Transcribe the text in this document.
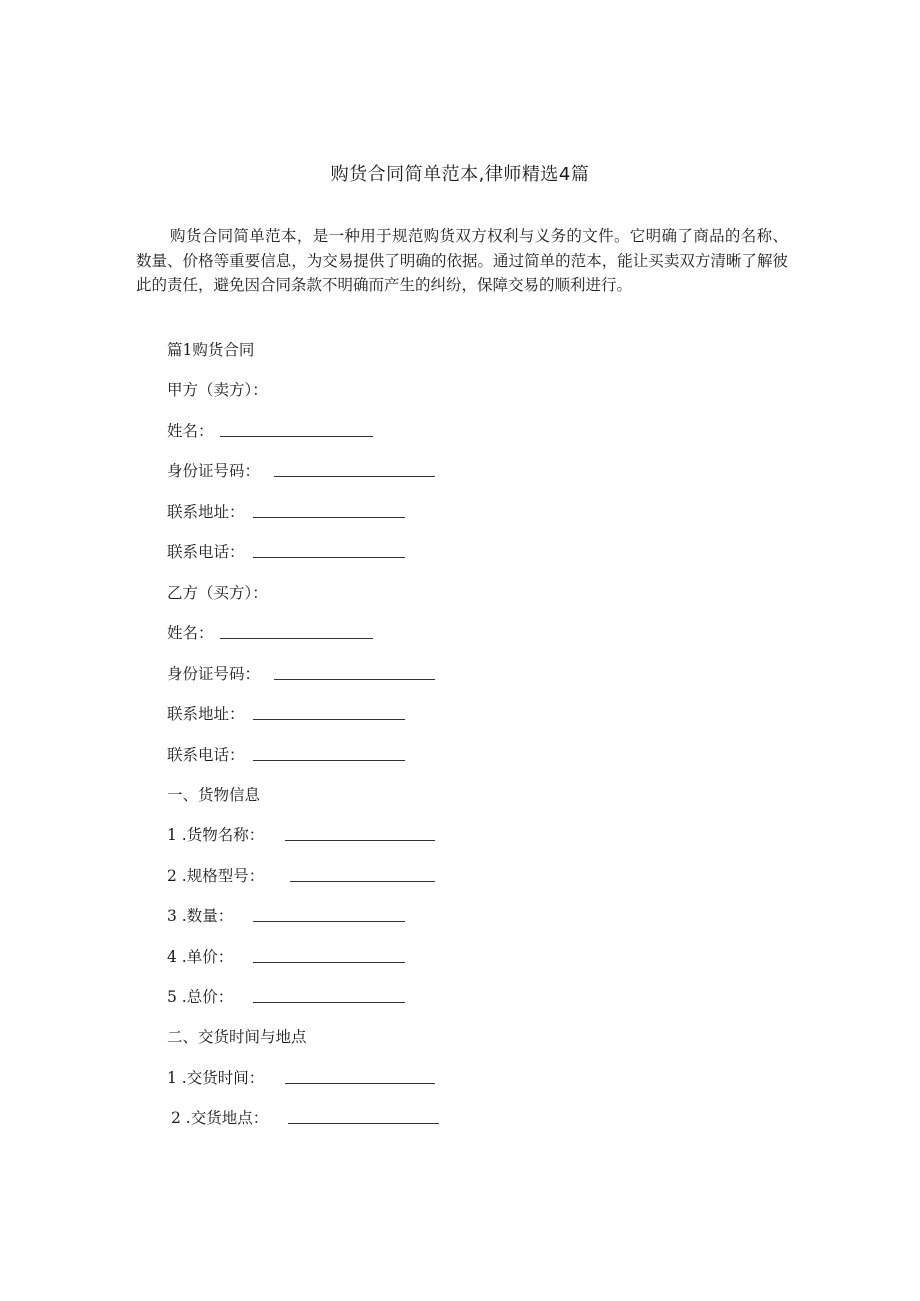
购货合同简单范本,律师精选4篇

购货合同简单范本，是一种用于规范购货双方权利与义务的文件。它明确了商品的名称、数量、价格等重要信息，为交易提供了明确的依据。通过简单的范本，能让买卖双方清晰了解彼此的责任，避免因合同条款不明确而产生的纠纷，保障交易的顺利进行。

篇1购货合同
甲方（卖方）：
姓名：
身份证号码：
联系地址：
联系电话：
乙方（买方）：
姓名：
身份证号码：
联系地址：
联系电话：
一、货物信息
1 .货物名称：
2 .规格型号：
3 .数量：
4 .单价：
5 .总价：
二、交货时间与地点
1 .交货时间：
2 .交货地点：
